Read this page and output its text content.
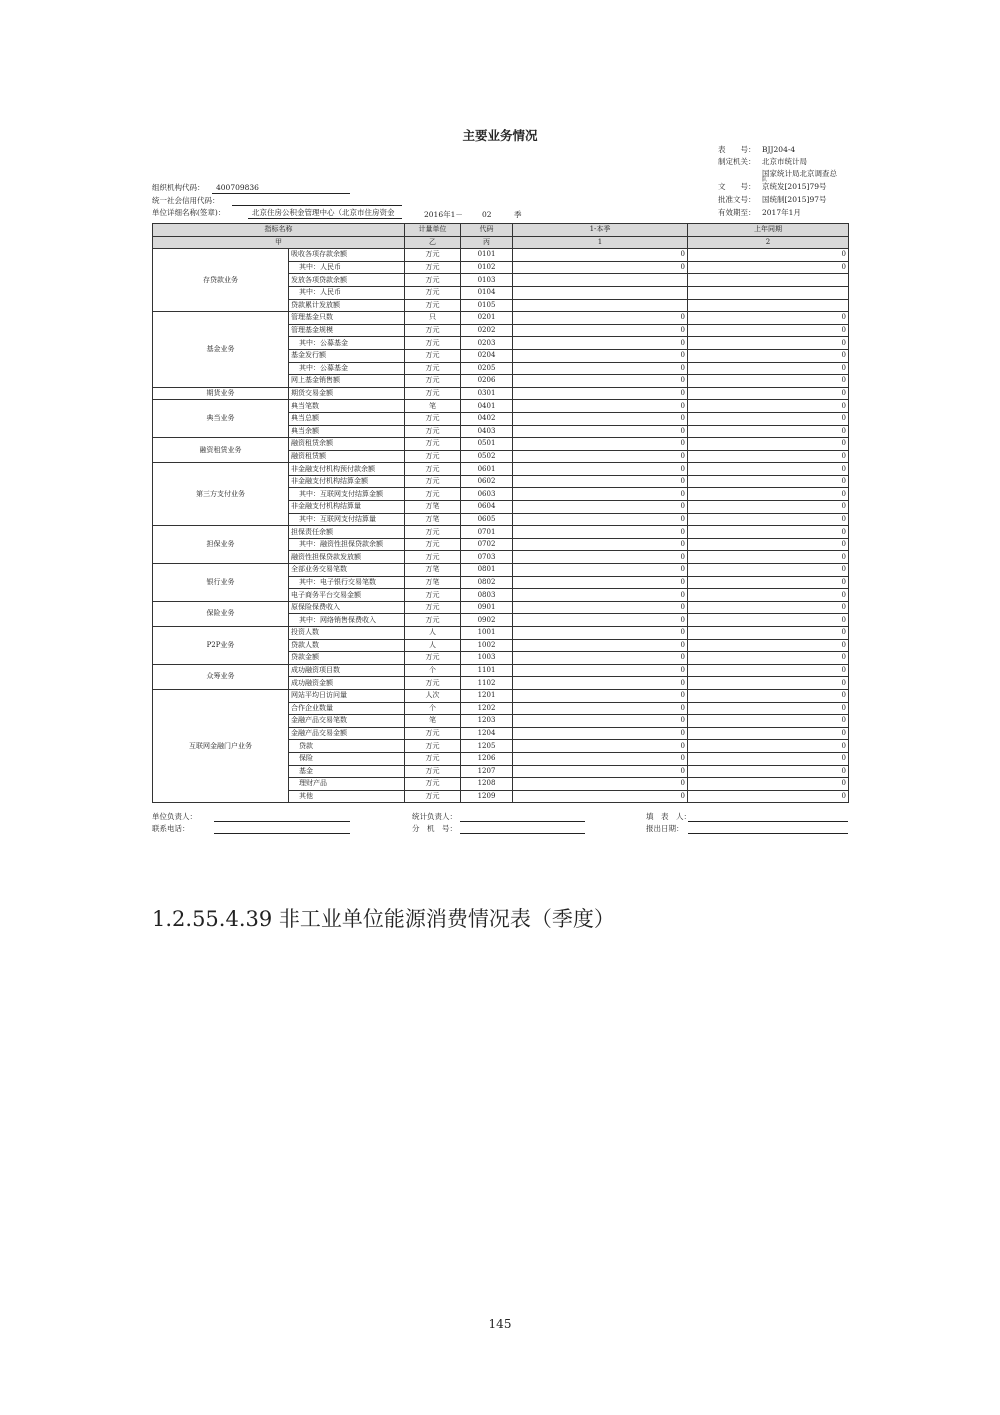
主要业务情况
表　　号： BJJ204-4
制定机关： 北京市统计局
国家统计局北京调查总
队
文　　号： 京统发[2015]79号
批准文号： 国统制[2015]97号
有效期至： 2017年1月
组织机构代码： 400709836
统一社会信用代码：
单位详细名称(签章)：	北京住房公积金管理中心（北京市住房资金	2016年1－	02	季
指标名称		计量单位	代码	1-本季	上年同期
甲		乙	丙	1	2
存贷款业务	吸收各项存款余额	万元	0101	0	0
	其中：人民币	万元	0102	0	0
	发放各项贷款余额	万元	0103		
	其中：人民币	万元	0104		
	贷款累计发放额	万元	0105		
基金业务	管理基金只数	只	0201	0	0
	管理基金规模	万元	0202	0	0
	其中：公募基金	万元	0203	0	0
	基金发行额	万元	0204	0	0
	其中：公募基金	万元	0205	0	0
	网上基金销售额	万元	0206	0	0
期货业务	期货交易金额	万元	0301	0	0
典当业务	典当笔数	笔	0401	0	0
	典当总额	万元	0402	0	0
	典当余额	万元	0403	0	0
融资租赁业务	融资租赁余额	万元	0501	0	0
	融资租赁额	万元	0502	0	0
第三方支付业务	非金融支付机构预付款余额	万元	0601	0	0
	非金融支付机构结算金额	万元	0602	0	0
	其中：互联网支付结算金额	万元	0603	0	0
	非金融支付机构结算量	万笔	0604	0	0
	其中：互联网支付结算量	万笔	0605	0	0
担保业务	担保责任余额	万元	0701	0	0
	其中：融资性担保贷款余额	万元	0702	0	0
	融资性担保贷款发放额	万元	0703	0	0
银行业务	全部业务交易笔数	万笔	0801	0	0
	其中：电子银行交易笔数	万笔	0802	0	0
	电子商务平台交易金额	万元	0803	0	0
保险业务	原保险保费收入	万元	0901	0	0
	其中：网络销售保费收入	万元	0902	0	0
P2P业务	投资人数	人	1001	0	0
	贷款人数	人	1002	0	0
	贷款金额	万元	1003	0	0
众筹业务	成功融资项目数	个	1101	0	0
	成功融资金额	万元	1102	0	0
互联网金融门户业务	网站平均日访问量	人次	1201	0	0
	合作企业数量	个	1202	0	0
	金融产品交易笔数	笔	1203	0	0
	金融产品交易金额	万元	1204	0	0
	贷款	万元	1205	0	0
	保险	万元	1206	0	0
	基金	万元	1207	0	0
	理财产品	万元	1208	0	0
	其他	万元	1209	0	0
单位负责人：	统计负责人：	填　表　人：
联系电话：	分　机　号：	报出日期：
1.2.55.4.39 非工业单位能源消费情况表（季度）
145
